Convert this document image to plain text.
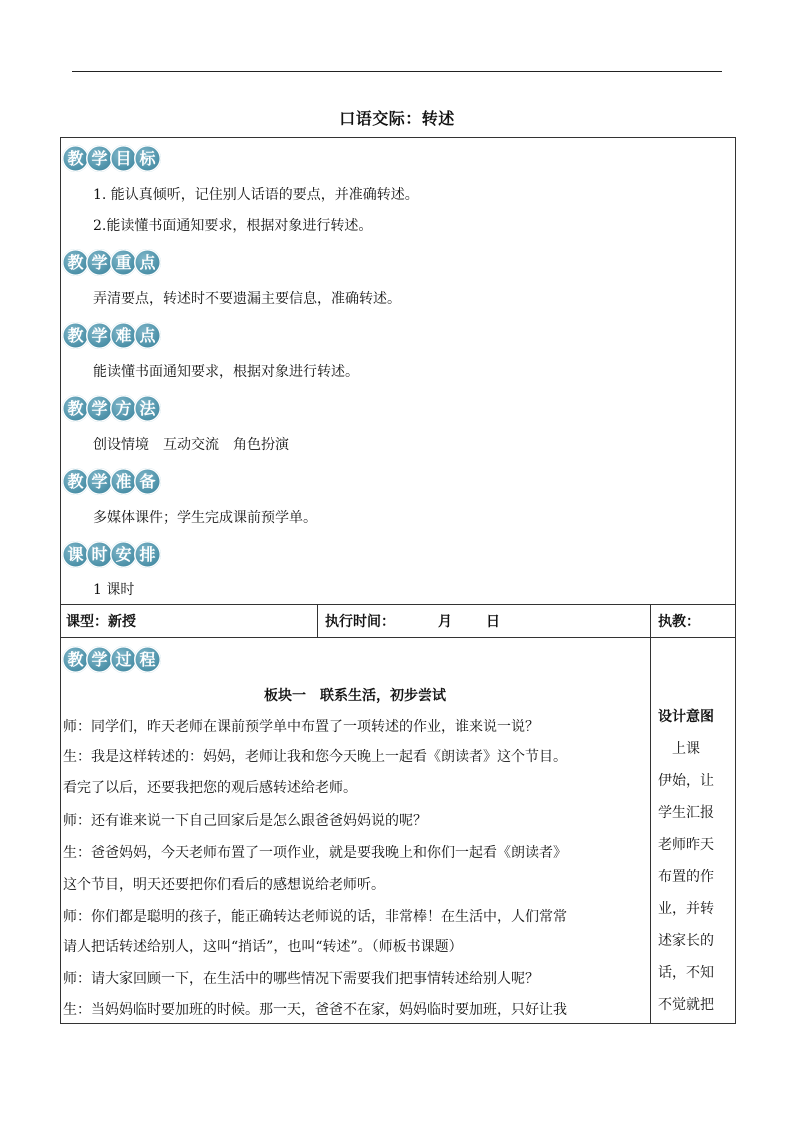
口语交际：转述
教 学 目 标
1. 能认真倾听，记住别人话语的要点，并准确转述。
2.能读懂书面通知要求，根据对象进行转述。
教 学 重 点
弄清要点，转述时不要遗漏主要信息，准确转述。
教 学 难 点
能读懂书面通知要求，根据对象进行转述。
教 学 方 法
创设情境　互动交流　角色扮演
教 学 准 备
多媒体课件；学生完成课前预学单。
课 时 安 排
1 课时
课型：新授	执行时间：	月 日	执教：
教 学 过 程
板块一　联系生活，初步尝试
师：同学们，昨天老师在课前预学单中布置了一项转述的作业，谁来说一说？
生：我是这样转述的：妈妈，老师让我和您今天晚上一起看《朗读者》这个节目。
看完了以后，还要我把您的观后感转述给老师。
师：还有谁来说一下自己回家后是怎么跟爸爸妈妈说的呢？
生：爸爸妈妈，今天老师布置了一项作业，就是要我晚上和你们一起看《朗读者》
这个节目，明天还要把你们看后的感想说给老师听。
师：你们都是聪明的孩子，能正确转达老师说的话，非常棒！在生活中，人们常常
请人把话转述给别人，这叫“捎话”，也叫“转述”。（师板书课题）
师：请大家回顾一下，在生活中的哪些情况下需要我们把事情转述给别人呢？
生：当妈妈临时要加班的时候。那一天，爸爸不在家，妈妈临时要加班，只好让我
设计意图
　上课
伊始，让
学生汇报
老师昨天
布置的作
业，并转
述家长的
话，不知
不觉就把
